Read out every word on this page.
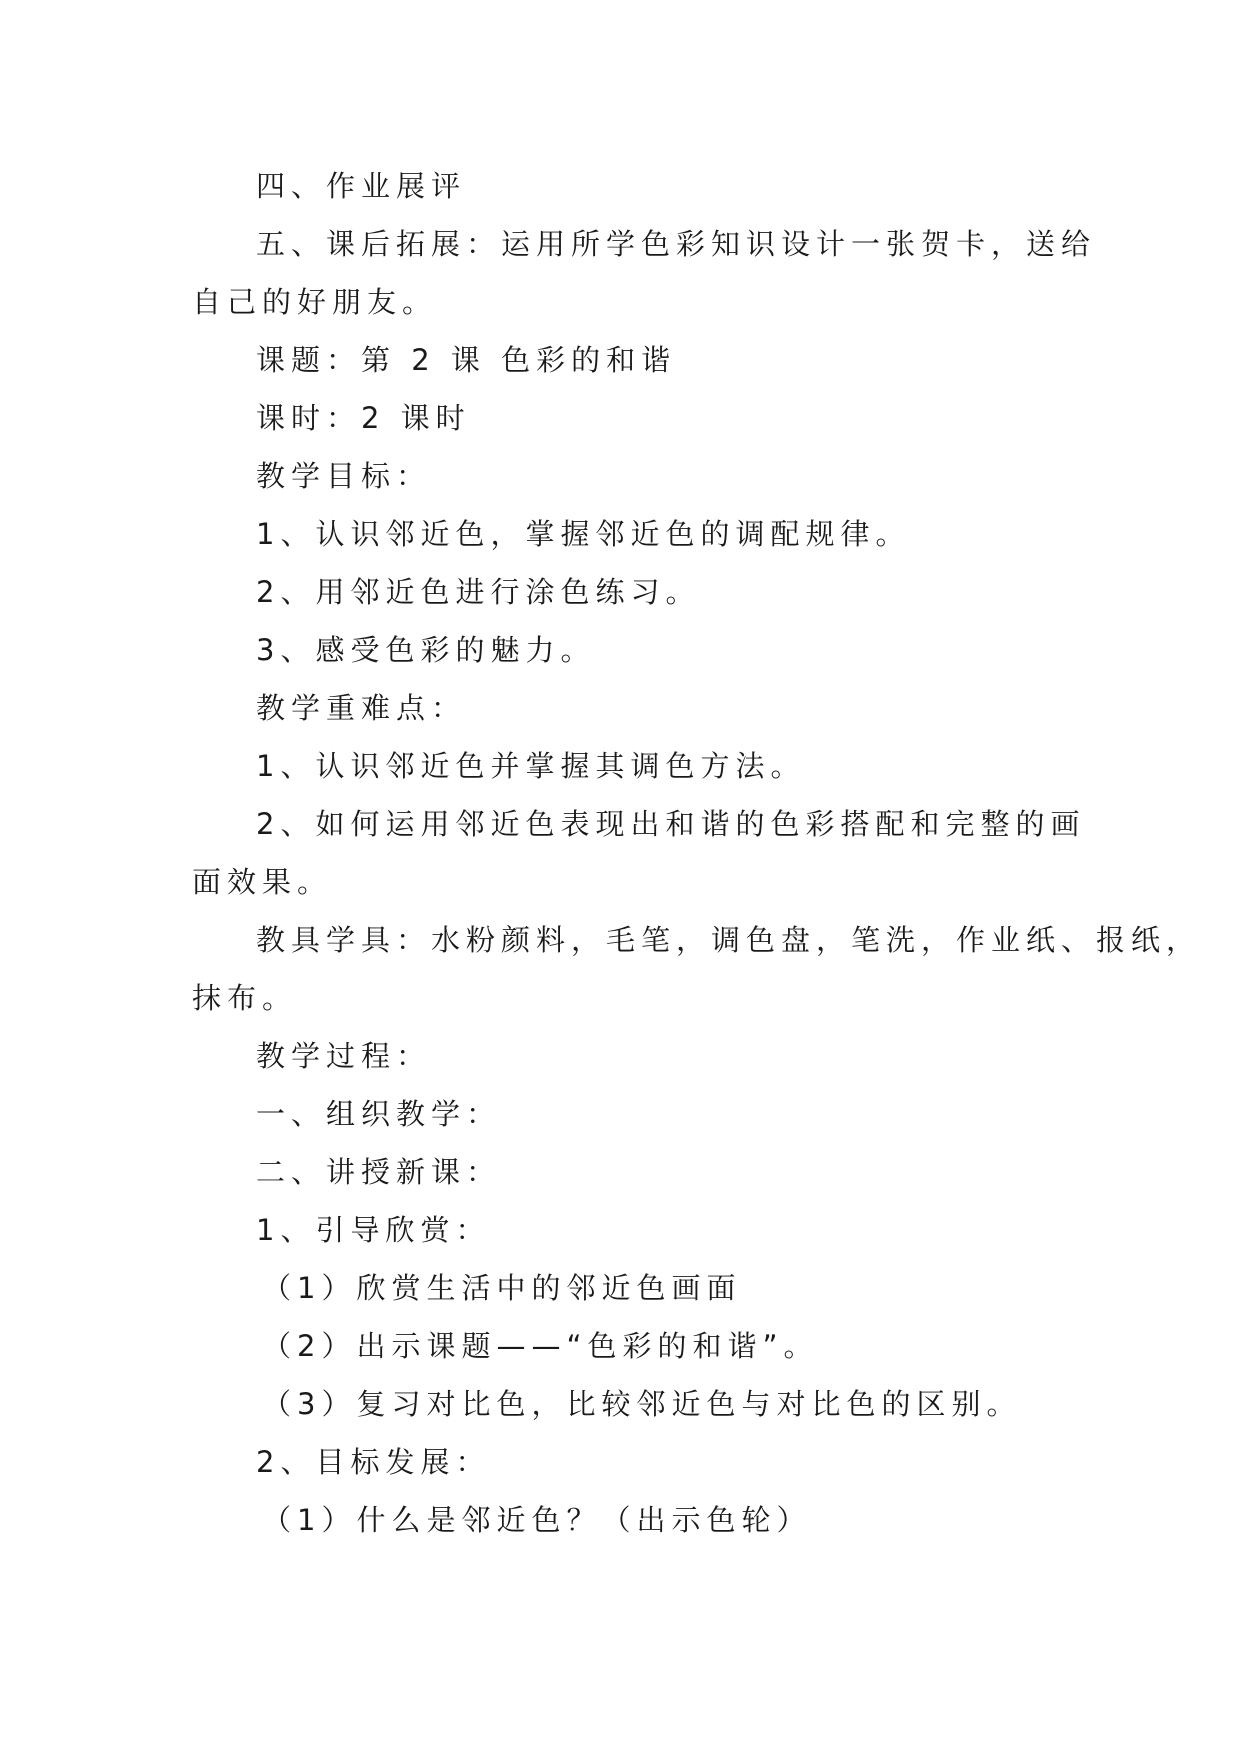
四、作业展评
五、课后拓展：运用所学色彩知识设计一张贺卡，送给
自己的好朋友。
课题：第 2 课 色彩的和谐
课时：2 课时
教学目标：
1、认识邻近色，掌握邻近色的调配规律。
2、用邻近色进行涂色练习。
3、感受色彩的魅力。
教学重难点：
1、认识邻近色并掌握其调色方法。
2、如何运用邻近色表现出和谐的色彩搭配和完整的画
面效果。
教具学具：水粉颜料，毛笔，调色盘，笔洗，作业纸、报纸，
抹布。
教学过程：
一、组织教学：
二、讲授新课：
1、引导欣赏：
（1）欣赏生活中的邻近色画面
（2）出示课题——“色彩的和谐”。
（3）复习对比色，比较邻近色与对比色的区别。
2、目标发展：
（1）什么是邻近色？（出示色轮）
